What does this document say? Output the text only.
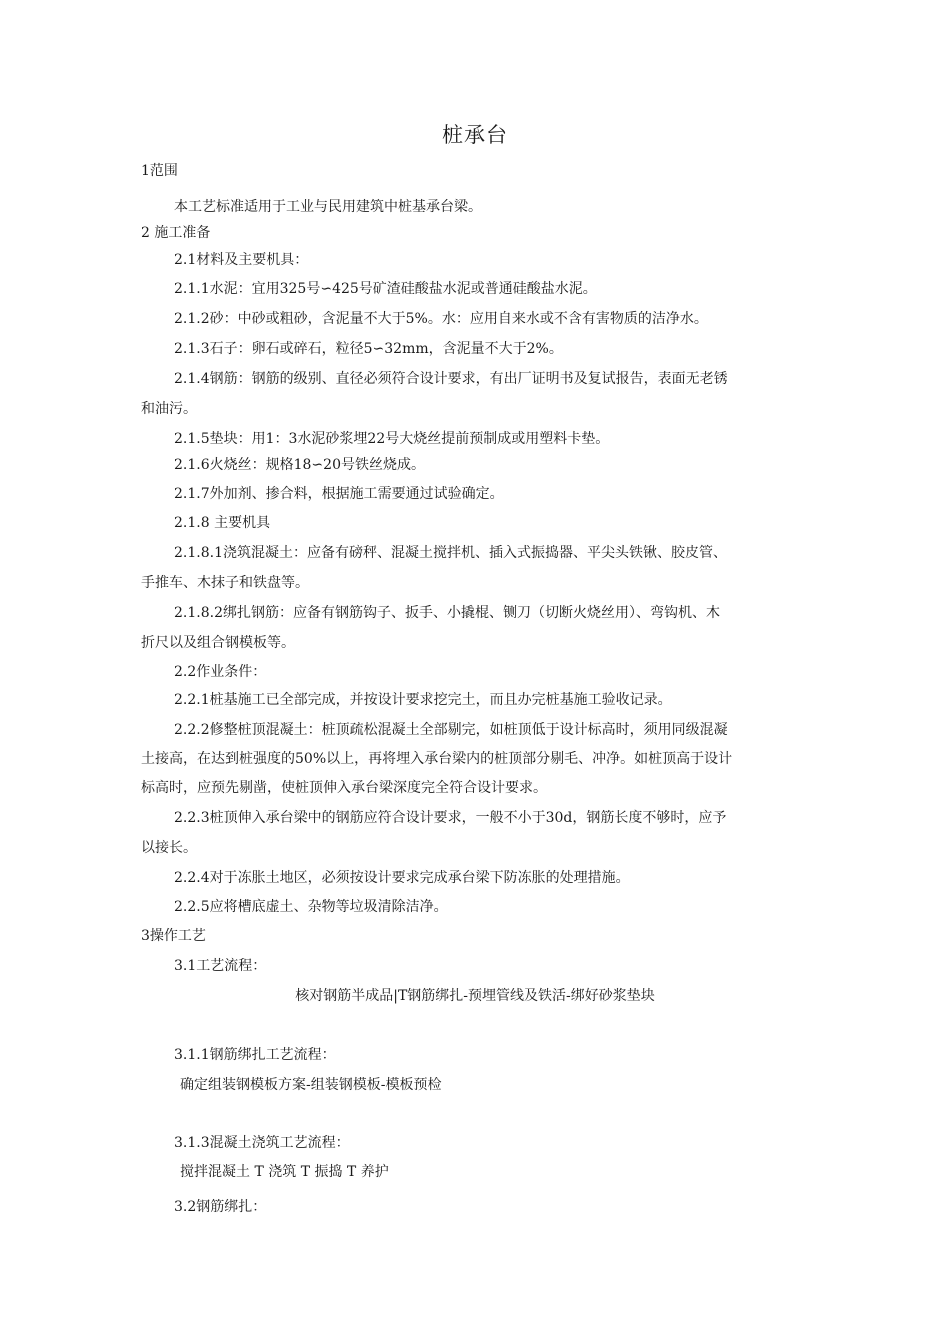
桩承台
1范围
本工艺标准适用于工业与民用建筑中桩基承台梁。
2 施工准备
2.1材料及主要机具：
2.1.1水泥：宜用325号∽425号矿渣硅酸盐水泥或普通硅酸盐水泥。
2.1.2砂：中砂或粗砂，含泥量不大于5%。水：应用自来水或不含有害物质的洁净水。
2.1.3石子：卵石或碎石，粒径5∽32mm，含泥量不大于2%。
2.1.4钢筋：钢筋的级别、直径必须符合设计要求，有出厂证明书及复试报告，表面无老锈
和油污。
2.1.5垫块：用1：3水泥砂浆埋22号大烧丝提前预制成或用塑料卡垫。
2.1.6火烧丝：规格18∽20号铁丝烧成。
2.1.7外加剂、掺合料，根据施工需要通过试验确定。
2.1.8 主要机具
2.1.8.1浇筑混凝土：应备有磅秤、混凝土搅拌机、插入式振捣器、平尖头铁锹、胶皮管、
手推车、木抹子和铁盘等。
2.1.8.2绑扎钢筋：应备有钢筋钩子、扳手、小撬棍、铡刀（切断火烧丝用）、弯钩机、木
折尺以及组合钢模板等。
2.2作业条件：
2.2.1桩基施工已全部完成，并按设计要求挖完土，而且办完桩基施工验收记录。
2.2.2修整桩顶混凝土：桩顶疏松混凝土全部剔完，如桩顶低于设计标高时，须用同级混凝
土接高，在达到桩强度的50%以上，再将埋入承台梁内的桩顶部分剔毛、冲净。如桩顶高于设计
标高时，应预先剔凿，使桩顶伸入承台梁深度完全符合设计要求。
2.2.3桩顶伸入承台梁中的钢筋应符合设计要求，一般不小于30d，钢筋长度不够时，应予
以接长。
2.2.4对于冻胀土地区，必须按设计要求完成承台梁下防冻胀的处理措施。
2.2.5应将槽底虚土、杂物等垃圾清除洁净。
3操作工艺
3.1工艺流程：
核对钢筋半成品|T钢筋绑扎-预埋管线及铁活-绑好砂浆垫块
3.1.1钢筋绑扎工艺流程：
确定组装钢模板方案-组装钢模板-模板预检
3.1.3混凝土浇筑工艺流程：
搅拌混凝土 T 浇筑 T 振捣 T 养护
3.2钢筋绑扎：
